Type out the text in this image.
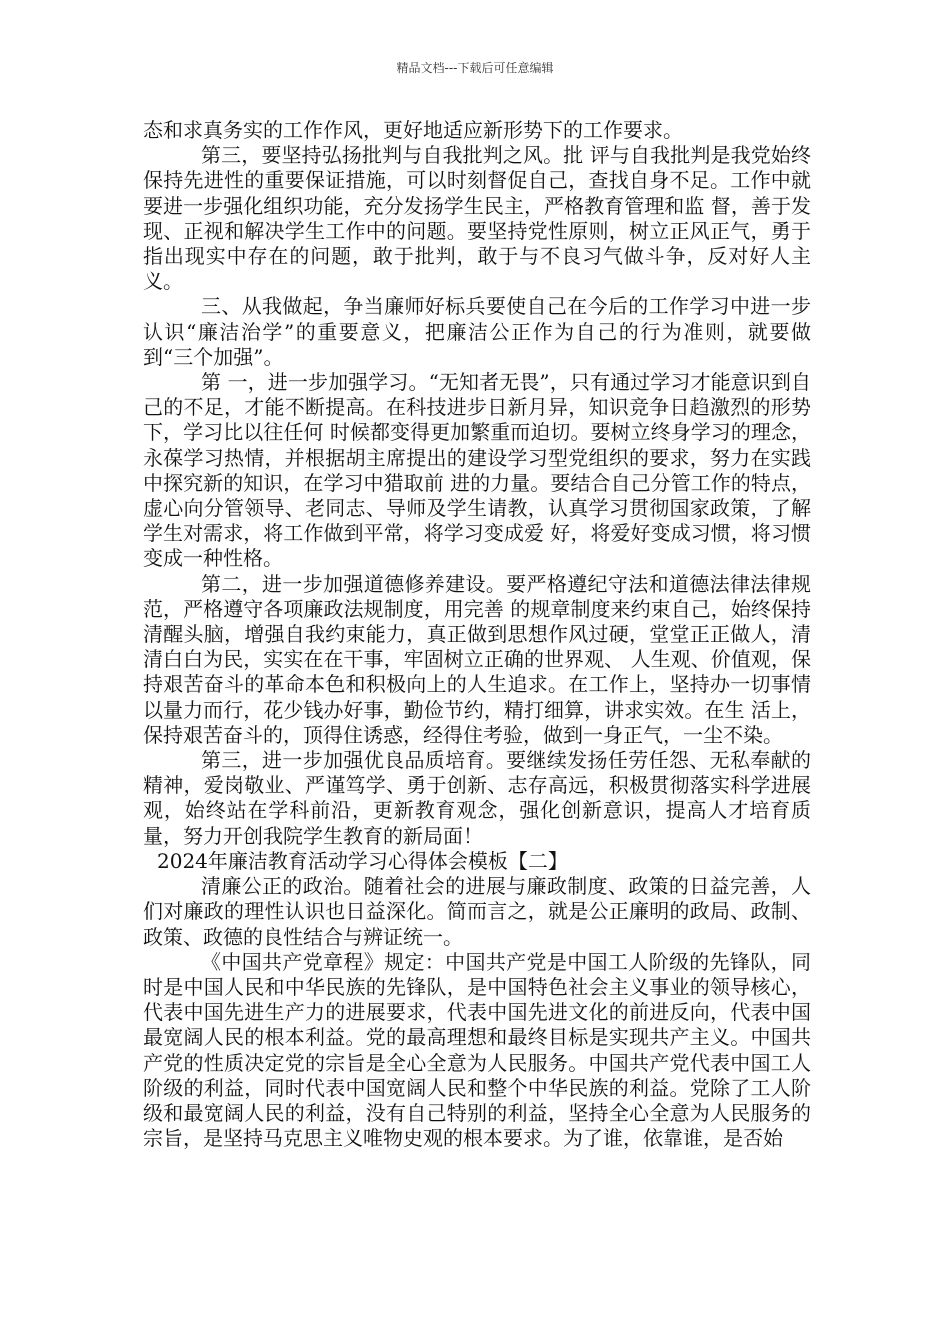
精品文档---下载后可任意编辑

态和求真务实的工作作风，更好地适应新形势下的工作要求。

第三，要坚持弘扬批判与自我批判之风。批 评与自我批判是我党始终保持先进性的重要保证措施，可以时刻督促自己，查找自身不足。工作中就要进一步强化组织功能，充分发扬学生民主，严格教育管理和监 督，善于发现、正视和解决学生工作中的问题。要坚持党性原则，树立正风正气，勇于指出现实中存在的问题，敢于批判，敢于与不良习气做斗争，反对好人主义。

三、从我做起，争当廉师好标兵要使自己在今后的工作学习中进一步认识“廉洁治学”的重要意义，把廉洁公正作为自己的行为准则，就要做到“三个加强”。

第 一，进一步加强学习。“无知者无畏”，只有通过学习才能意识到自己的不足，才能不断提高。在科技进步日新月异，知识竞争日趋激烈的形势下，学习比以往任何 时候都变得更加繁重而迫切。要树立终身学习的理念，永葆学习热情，并根据胡主席提出的建设学习型党组织的要求，努力在实践中探究新的知识，在学习中猎取前 进的力量。要结合自己分管工作的特点，虚心向分管领导、老同志、导师及学生请教，认真学习贯彻国家政策，了解学生对需求，将工作做到平常，将学习变成爱 好，将爱好变成习惯，将习惯变成一种性格。

第二，进一步加强道德修养建设。要严格遵纪守法和道德法律法律规范，严格遵守各项廉政法规制度，用完善 的规章制度来约束自己，始终保持清醒头脑，增强自我约束能力，真正做到思想作风过硬，堂堂正正做人，清清白白为民，实实在在干事，牢固树立正确的世界观、 人生观、价值观，保持艰苦奋斗的革命本色和积极向上的人生追求。在工作上，坚持办一切事情以量力而行，花少钱办好事，勤俭节约，精打细算，讲求实效。在生 活上，保持艰苦奋斗的，顶得住诱惑，经得住考验，做到一身正气，一尘不染。

第三，进一步加强优良品质培育。要继续发扬任劳任怨、无私奉献的精神，爱岗敬业、严谨笃学、勇于创新、志存高远，积极贯彻落实科学进展观，始终站在学科前沿，更新教育观念，强化创新意识，提高人才培育质量，努力开创我院学生教育的新局面！

2024年廉洁教育活动学习心得体会模板【二】

清廉公正的政治。随着社会的进展与廉政制度、政策的日益完善，人们对廉政的理性认识也日益深化。简而言之，就是公正廉明的政局、政制、政策、政德的良性结合与辨证统一。

《中国共产党章程》规定：中国共产党是中国工人阶级的先锋队，同时是中国人民和中华民族的先锋队，是中国特色社会主义事业的领导核心，代表中国先进生产力的进展要求，代表中国先进文化的前进反向，代表中国最宽阔人民的根本利益。党的最高理想和最终目标是实现共产主义。中国共产党的性质决定党的宗旨是全心全意为人民服务。中国共产党代表中国工人阶级的利益，同时代表中国宽阔人民和整个中华民族的利益。党除了工人阶级和最宽阔人民的利益，没有自己特别的利益，坚持全心全意为人民服务的宗旨，是坚持马克思主义唯物史观的根本要求。为了谁，依靠谁，是否始
